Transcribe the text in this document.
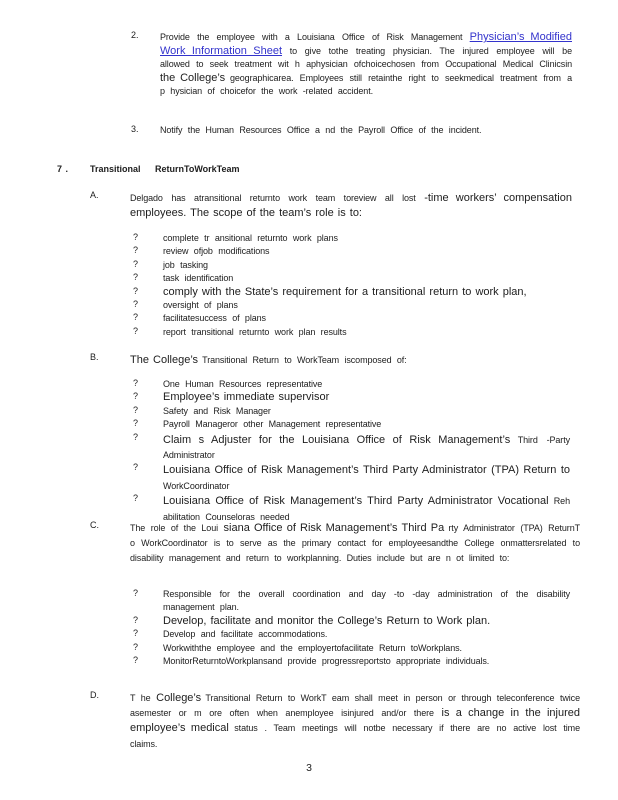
2.	Provide the employee with a Louisiana Office of Risk Management Physician’s Modified Work Information Sheet to give tothe treating physician. The injured employee will be allowed to seek treatment wit h aphysician ofchoicechosen from Occupational Medical Clinicsin the College’s geographicarea. Employees still retainthe right to seekmedical treatment from a p hysician of choicefor the work -related accident.
3.	Notify the Human Resources Office a nd the Payroll Office of the incident.
7 . Transitional ReturnToWorkTeam
A.	Delgado has atransitional returnto work team toreview all lost -time workers’ compensation employees. The scope of the team’s role is to:
?	complete tr ansitional returnto work plans
?	review ofjob modifications
?	job tasking
?	task identification
?	comply with the State’s requirement for a transitional return to work plan,
?	oversight of plans
?	facilitatesuccess of plans
?	report transitional returnto work plan results
B.	The College’s Transitional Return to WorkTeam iscomposed of:
?	One Human Resources representative
?	Employee’s immediate supervisor
?	Safety and Risk Manager
?	Payroll Manageror other Management representative
?	Claim s Adjuster for the Louisiana Office of Risk Management’s Third -Party Administrator
?	Louisiana Office of Risk Management’s Third Party Administrator (TPA) Return to WorkCoordinator
?	Louisiana Office of Risk Management’s Third Party Administrator Vocational Reh abilitation Counseloras needed
C.	The role of the Loui siana Office of Risk Management’s Third Pa rty Administrator (TPA) ReturnT o WorkCoordinator is to serve as the primary contact for employeesandthe College onmattersrelated to disability management and return to workplanning. Duties include but are n ot limited to:
?	Responsible for the overall coordination and day -to -day administration of the disability management plan.
?	Develop, facilitate and monitor the College’s Return to Work plan.
?	Develop and facilitate accommodations.
?	Workwiththe employee and the employertofacilitate Return toWorkplans.
?	MonitorReturntoWorkplansand provide progressreportsto appropriate individuals.
D.	T he College’s Transitional Return to WorkT eam shall meet in person or through teleconference twice asemester or m ore often when anemployee isinjured and/or there is a change in the injured employee’s medical status . Team meetings will notbe necessary if there are no active lost time claims.
3
